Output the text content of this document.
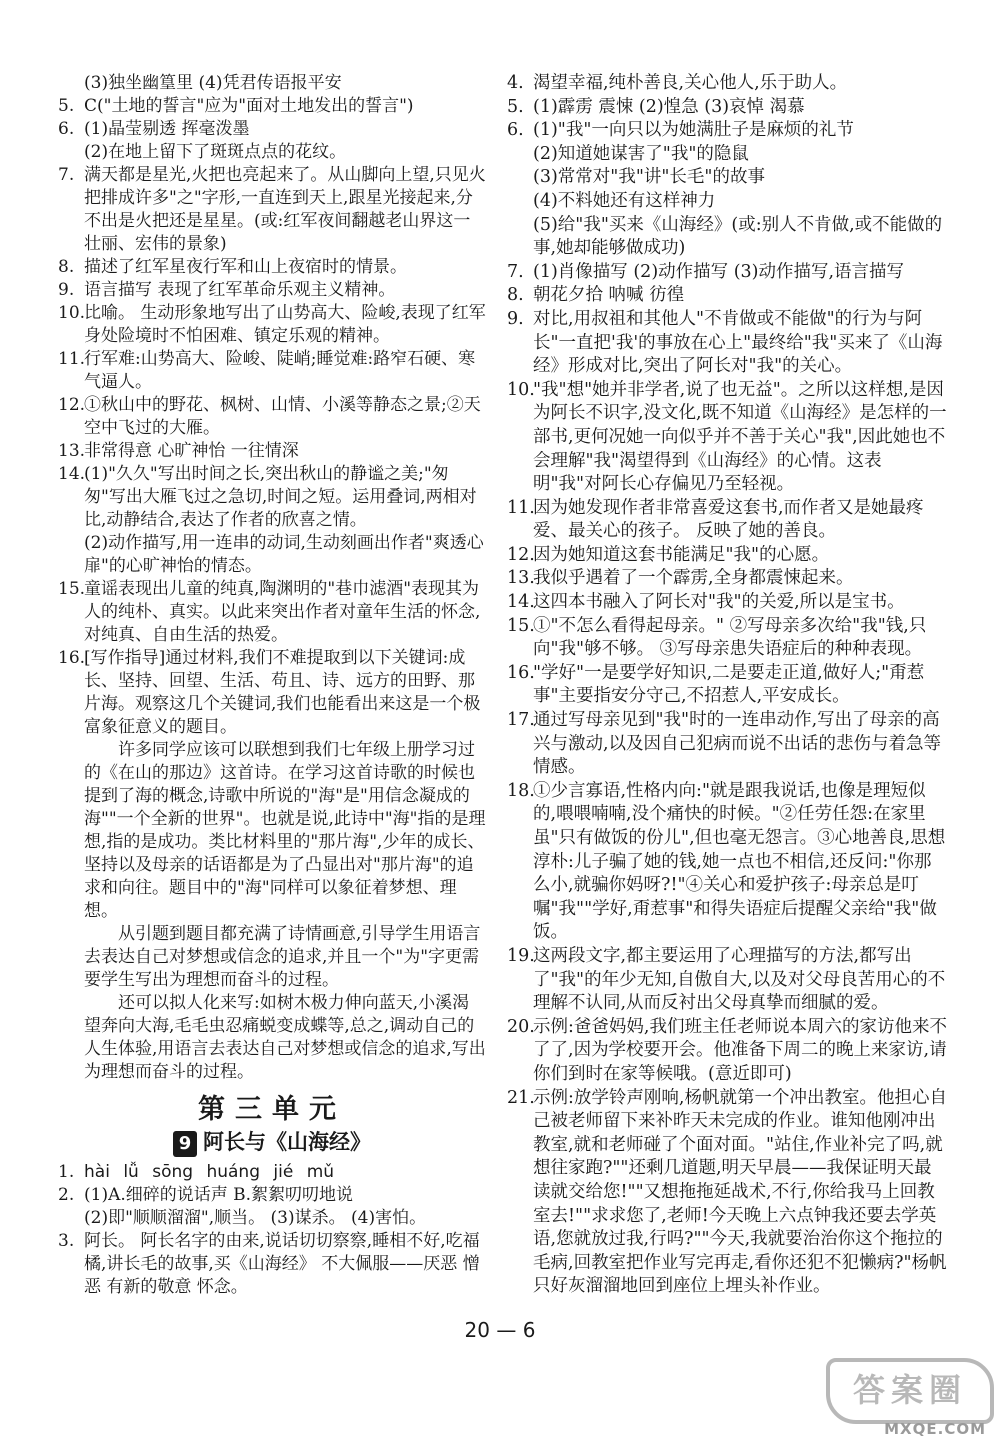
(3)独坐幽篁里 (4)凭君传语报平安
5. C("土地的誓言"应为"面对土地发出的誓言")
6. (1)晶莹剔透 挥毫泼墨
(2)在地上留下了斑斑点点的花纹。
7. 满天都是星光,火把也亮起来了。从山脚向上望,只见火把排成许多"之"字形,一直连到天上,跟星光接起来,分不出是火把还是星星。(或:红军夜间翻越老山界这一壮丽、宏伟的景象)
8. 描述了红军星夜行军和山上夜宿时的情景。
9. 语言描写 表现了红军革命乐观主义精神。
10.
比喻。 生动形象地写出了山势高大、险峻,表现了红军身处险境时不怕困难、镇定乐观的精神。
11.
行军难:山势高大、险峻、陡峭;睡觉难:路窄石硬、寒气逼人。
12.
①秋山中的野花、枫树、山情、小溪等静态之景;②天空中飞过的大雁。
13.
非常得意 心旷神怡 一往情深
14.
(1)"久久"写出时间之长,突出秋山的静谧之美;"匆匆"写出大雁飞过之急切,时间之短。运用叠词,两相对比,动静结合,表达了作者的欣喜之情。
(2)动作描写,用一连串的动词,生动刻画出作者"爽透心扉"的心旷神怡的情态。
15.
童谣表现出儿童的纯真,陶渊明的"巷巾滤酒"表现其为人的纯朴、真实。以此来突出作者对童年生活的怀念,对纯真、自由生活的热爱。
16.
[写作指导]通过材料,我们不难提取到以下关键词:成长、坚持、回望、生活、苟且、诗、远方的田野、那片海。观察这几个关键词,我们也能看出来这是一个极富象征意义的题目。
许多同学应该可以联想到我们七年级上册学习过的《在山的那边》这首诗。在学习这首诗歌的时候也提到了海的概念,诗歌中所说的"海"是"用信念凝成的海""一个全新的世界"。也就是说,此诗中"海"指的是理想,指的是成功。类比材料里的"那片海",少年的成长、坚持以及母亲的话语都是为了凸显出对"那片海"的追求和向往。题目中的"海"同样可以象征着梦想、理想。
从引题到题目都充满了诗情画意,引导学生用语言去表达自己对梦想或信念的追求,并且一个"为"字更需要学生写出为理想而奋斗的过程。
还可以拟人化来写:如树木极力伸向蓝天,小溪渴望奔向大海,毛毛虫忍痛蜕变成蝶等,总之,调动自己的人生体验,用语言去表达自己对梦想或信念的追求,写出为理想而奋斗的过程。
第三单元
9 阿长与《山海经》
1. hài lǚ sōng huáng jié mǔ
2. (1)A.细碎的说话声 B.絮絮叨叨地说
(2)即"顺顺溜溜",顺当。 (3)谋杀。 (4)害怕。
3. 阿长。 阿长名字的由来,说话切切察察,睡相不好,吃福橘,讲长毛的故事,买《山海经》 不大佩服——厌恶 憎恶 有新的敬意 怀念。
4. 渴望幸福,纯朴善良,关心他人,乐于助人。
5. (1)霹雳 震悚 (2)惶急 (3)哀悼 渴慕
6. (1)"我"一向只以为她满肚子是麻烦的礼节
(2)知道她谋害了"我"的隐鼠
(3)常常对"我"讲"长毛"的故事
(4)不料她还有这样神力
(5)给"我"买来《山海经》(或:别人不肯做,或不能做的事,她却能够做成功)
7. (1)肖像描写 (2)动作描写 (3)动作描写,语言描写
8. 朝花夕拾 呐喊 彷徨
9. 对比,用叔祖和其他人"不肯做或不能做"的行为与阿长"一直把'我'的事放在心上"最终给"我"买来了《山海经》形成对比,突出了阿长对"我"的关心。
10.
"我"想"她并非学者,说了也无益"。之所以这样想,是因为阿长不识字,没文化,既不知道《山海经》是怎样的一部书,更何况她一向似乎并不善于关心"我",因此她也不会理解"我"渴望得到《山海经》的心情。这表明"我"对阿长心存偏见乃至轻视。
11.
因为她发现作者非常喜爱这套书,而作者又是她最疼爱、最关心的孩子。 反映了她的善良。
12.
因为她知道这套书能满足"我"的心愿。
13.
我似乎遇着了一个霹雳,全身都震悚起来。
14.
这四本书融入了阿长对"我"的关爱,所以是宝书。
15.
①"不怎么看得起母亲。" ②写母亲多次给"我"钱,只向"我"够不够。 ③写母亲患失语症后的种种表现。
16.
"学好"一是要学好知识,二是要走正道,做好人;"甭惹事"主要指安分守己,不招惹人,平安成长。
17.
通过写母亲见到"我"时的一连串动作,写出了母亲的高兴与激动,以及因自己犯病而说不出话的悲伤与着急等情感。
18.
①少言寡语,性格内向:"就是跟我说话,也像是理短似的,喂喂喃喃,没个痛快的时候。"②任劳任怨:在家里虽"只有做饭的份儿",但也毫无怨言。③心地善良,思想淳朴:儿子骗了她的钱,她一点也不相信,还反问:"你那么小,就骗你妈呀?!"④关心和爱护孩子:母亲总是叮嘱"我""学好,甭惹事"和得失语症后提醒父亲给"我"做饭。
19.
这两段文字,都主要运用了心理描写的方法,都写出了"我"的年少无知,自傲自大,以及对父母良苦用心的不理解不认同,从而反衬出父母真挚而细腻的爱。
20.
示例:爸爸妈妈,我们班主任老师说本周六的家访他来不了了,因为学校要开会。他准备下周二的晚上来家访,请你们到时在家等候哦。(意近即可)
21.
示例:放学铃声刚响,杨帆就第一个冲出教室。他担心自己被老师留下来补昨天未完成的作业。谁知他刚冲出教室,就和老师碰了个面对面。"站住,作业补完了吗,就想往家跑?""还剩几道题,明天早晨——我保证明天最读就交给您!""又想拖拖延战术,不行,你给我马上回教室去!""求求您了,老师!今天晚上六点钟我还要去学英语,您就放过我,行吗?""今天,我就要治治你这个拖拉的毛病,回教室把作业写完再走,看你还犯不犯懒病?"杨帆只好灰溜溜地回到座位上埋头补作业。
20 — 6
答案圈
MXQE.COM
